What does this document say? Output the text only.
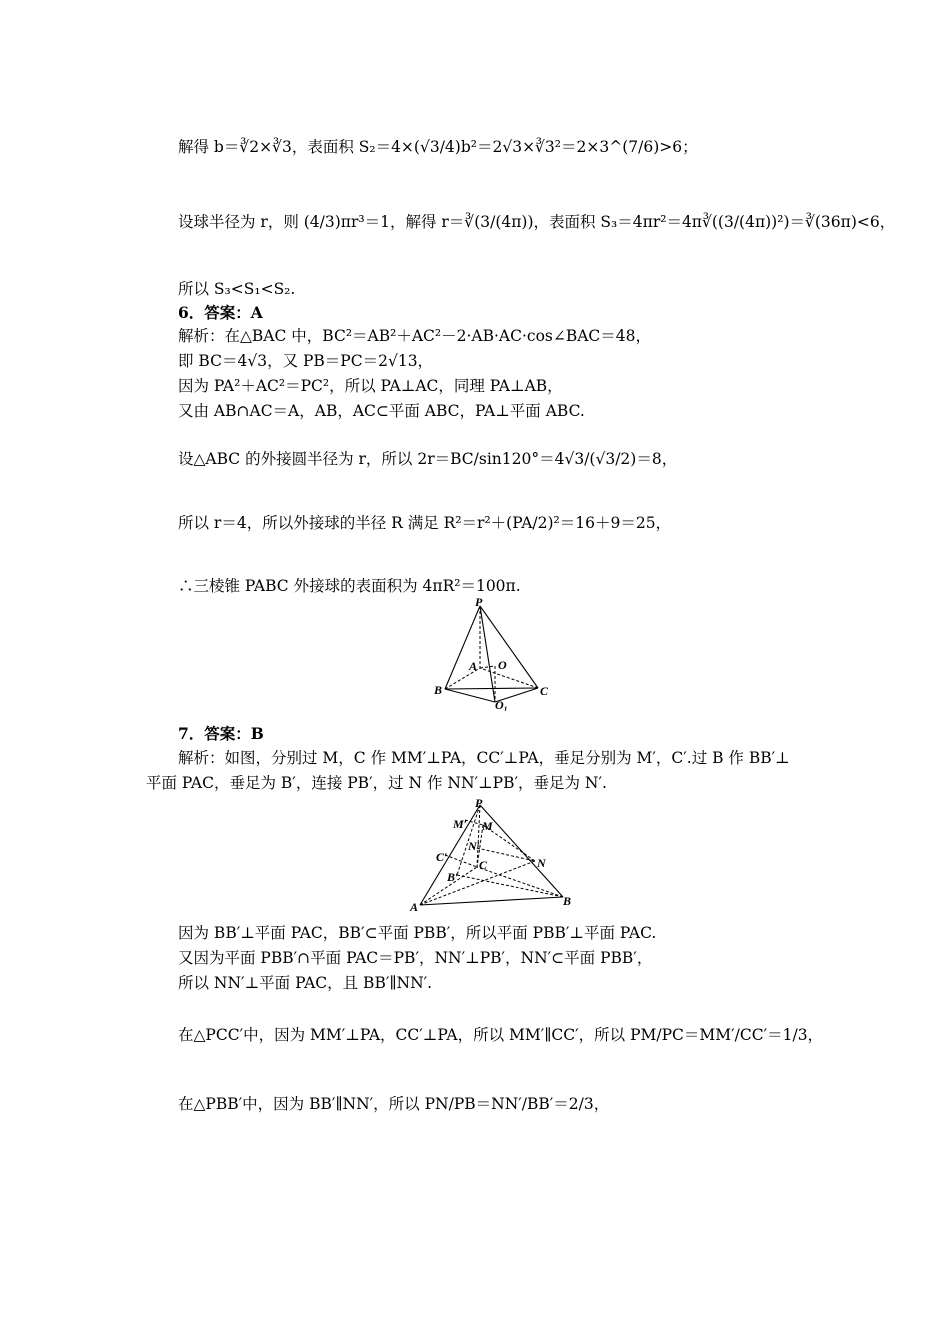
解得 b＝∛2×∛3，表面积 S₂＝4×(√3/4)b²＝2√3×∛3²＝2×3^(7/6)>6；
设球半径为 r，则 (4/3)πr³＝1，解得 r＝∛(3/(4π))，表面积 S₃＝4πr²＝4π∛((3/(4π))²)＝∛(36π)<6，
所以 S₃<S₁<S₂.
6．答案：A
解析：在△BAC 中，BC²＝AB²＋AC²－2·AB·AC·cos∠BAC＝48，
即 BC＝4√3，又 PB＝PC＝2√13，
因为 PA²＋AC²＝PC²，所以 PA⊥AC，同理 PA⊥AB，
又由 AB∩AC＝A，AB，AC⊂平面 ABC，PA⊥平面 ABC.
设△ABC 的外接圆半径为 r，所以 2r＝BC/sin120°＝4√3/(√3/2)＝8，
所以 r＝4，所以外接球的半径 R 满足 R²＝r²＋(PA/2)²＝16＋9＝25，
∴三棱锥 PABC 外接球的表面积为 4πR²＝100π.
P
A O
B	C
O₁
7．答案：B
解析：如图，分别过 M，C 作 MM′⊥PA，CC′⊥PA，垂足分别为 M′，C′.过 B 作 BB′⊥
平面 PAC，垂足为 B′，连接 PB′，过 N 作 NN′⊥PB′，垂足为 N′.
P
M′ M
N′
C′	N
C
B′
A	B
因为 BB′⊥平面 PAC，BB′⊂平面 PBB′，所以平面 PBB′⊥平面 PAC.
又因为平面 PBB′∩平面 PAC＝PB′，NN′⊥PB′，NN′⊂平面 PBB′，
所以 NN′⊥平面 PAC，且 BB′∥NN′.
在△PCC′中，因为 MM′⊥PA，CC′⊥PA，所以 MM′∥CC′，所以 PM/PC＝MM′/CC′＝1/3，
在△PBB′中，因为 BB′∥NN′，所以 PN/PB＝NN′/BB′＝2/3，
